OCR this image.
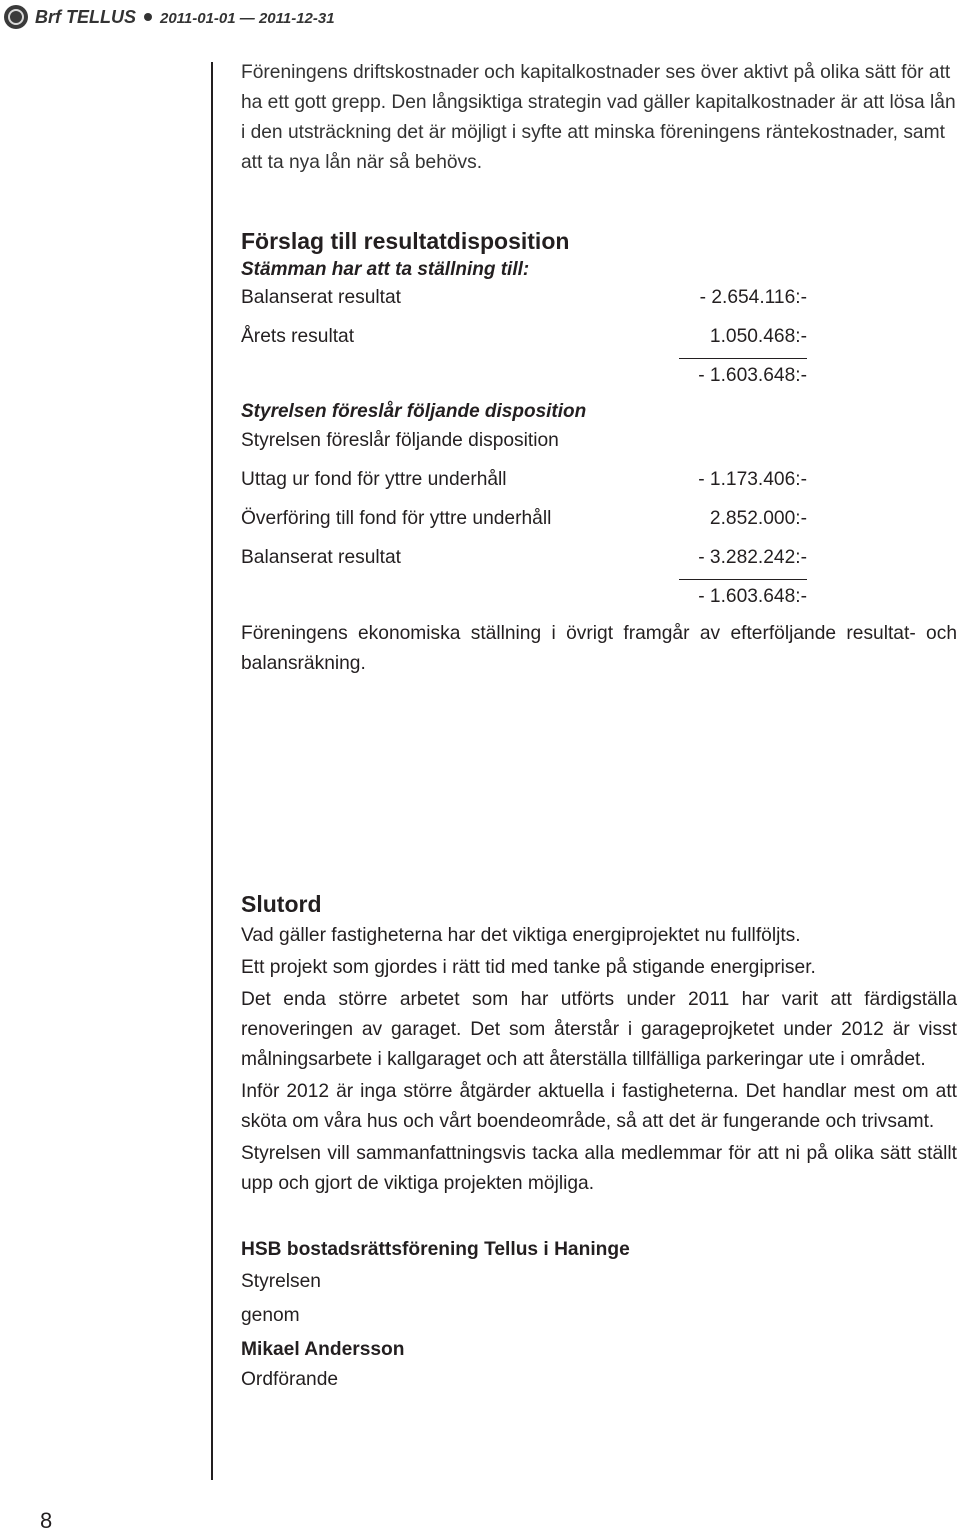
Brf TELLUS 2011-01-01 — 2011-12-31
8

Föreningens driftskostnader och kapitalkostnader ses över aktivt på olika sätt för att ha ett gott grepp. Den långsiktiga strategin vad gäller kapitalkostnader är att lösa lån i den utsträckning det är möjligt i syfte att minska föreningens räntekostnader, samt att ta nya lån när så behövs.

Förslag till resultatdisposition

Stämman har att ta ställning till:

Balanserat resultat	- 2.654.116:-
Årets resultat	1.050.468:-
- 1.603.648:-

Styrelsen föreslår följande disposition

Styrelsen föreslår följande disposition

Uttag ur fond för yttre underhåll	- 1.173.406:-
Överföring till fond för yttre underhåll	2.852.000:-
Balanserat resultat	- 3.282.242:-
- 1.603.648:-

Föreningens ekonomiska ställning i övrigt framgår av efterföljande resultat- och balansräkning.

Slutord

Vad gäller fastigheterna har det viktiga energiprojektet nu fullföljts.

Ett projekt som gjordes i rätt tid med tanke på stigande energipriser.

Det enda större arbetet som har utförts under 2011 har varit att färdigställa renoveringen av garaget. Det som återstår i garageprojketet under 2012 är visst målningsarbete i kallgaraget och att återställa tillfälliga parkeringar ute i området.

Inför 2012 är inga större åtgärder aktuella i fastigheterna. Det handlar mest om att sköta om våra hus och vårt boendeområde, så att det är fungerande och trivsamt.

Styrelsen vill sammanfattningsvis tacka alla medlemmar för att ni på olika sätt ställt upp och gjort de viktiga projekten möjliga.

HSB bostadsrättsförening Tellus i Haninge

Styrelsen

genom

Mikael Andersson

Ordförande
